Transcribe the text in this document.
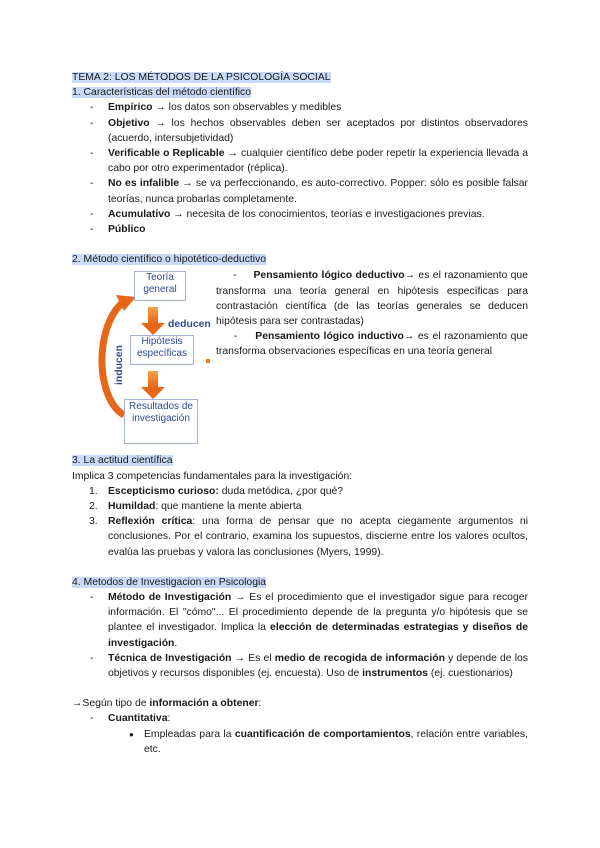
TEMA 2: LOS MÉTODOS DE LA PSICOLOGÍA SOCIAL
1. Características del método científico
- Empírico → los datos son observables y medibles
- Objetivo → los hechos observables deben ser aceptados por distintos observadores (acuerdo, intersubjetividad)
- Verificable o Replicable → cualquier científico debe poder repetir la experiencia llevada a cabo por otro experimentador (réplica).
- No es infalible → se va perfeccionando, es auto-correctivo. Popper: sólo es posible falsar teorías, nunca probarlas completamente.
- Acumulativo → necesita de los conocimientos, teorías e investigaciones previas.
- Público
2. Método científico o hipotético-deductivo
Teoría general
Hipótesis específicas
Resultados de investigación
deducen
inducen
-     Pensamiento lógico deductivo→ es el razonamiento que transforma una teoría general en hipótesis específicas para contrastación científica (de las teorías generales se deducen hipótesis para ser contrastadas)
-     Pensamiento lógico inductivo→ es el razonamiento que transforma observaciones específicas en una teoría general
3. La actitud científica
Implica 3 competencias fundamentales para la investigación:
1. Escepticismo curioso: duda metódica, ¿por qué?
2. Humildad: que mantiene la mente abierta
3. Reflexión crítica: una forma de pensar que no acepta ciegamente argumentos ni conclusiones. Por el contrario, examina los supuestos, discierne entre los valores ocultos, evalúa las pruebas y valora las conclusiones (Myers, 1999).
4. Metodos de Investigacion en Psicologia
- Método de Investigación → Es el procedimiento que el investigador sigue para recoger información. El "cómo"... El procedimiento depende de la pregunta y/o hipótesis que se plantee el investigador. Implica la elección de determinadas estrategias y diseños de investigación.
- Técnica de Investigación → Es el medio de recogida de información y depende de los objetivos y recursos disponibles (ej. encuesta). Uso de instrumentos (ej. cuestionarios)
→Según tipo de información a obtener:
- Cuantitativa:
● Empleadas para la cuantificación de comportamientos, relación entre variables, etc.
